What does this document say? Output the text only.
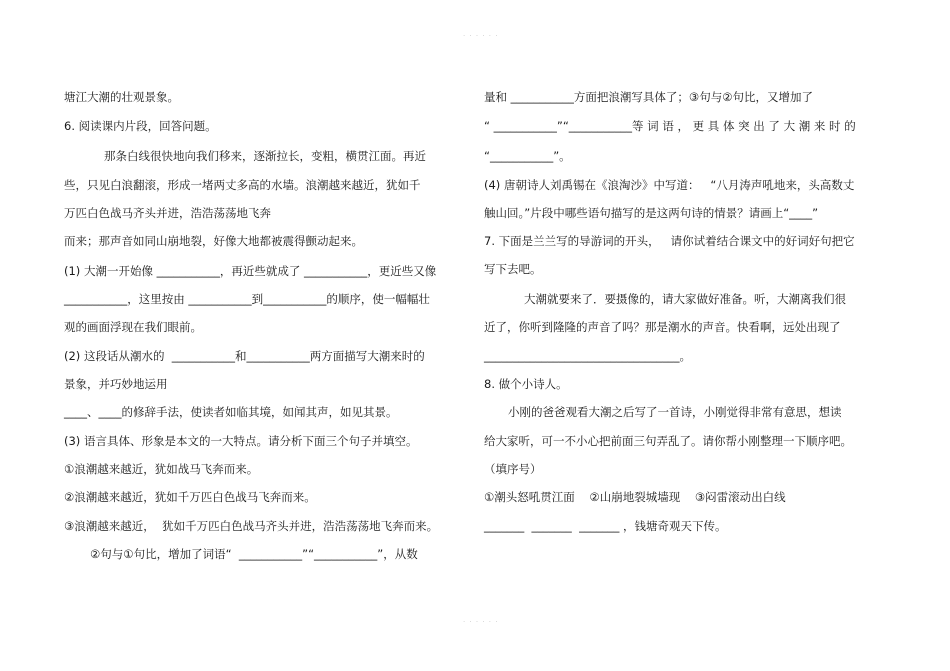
· · · · · ·
· · · · · ·

塘江大潮的壮观景象。

6. 阅读课内片段，回答问题。

那条白线很快地向我们移来，逐渐拉长，变粗，横贯江面。再近

些，只见白浪翻滚，形成一堵两丈多高的水墙。浪潮越来越近，犹如千

万匹白色战马齐头并进，浩浩荡荡地飞奔

而来；那声音如同山崩地裂，好像大地都被震得颤动起来。

(1) 大潮一开始像 ___________，再近些就成了 ___________，更近些又像

___________，这里按由 ___________到___________的顺序，使一幅幅壮

观的画面浮现在我们眼前。

(2) 这段话从潮水的  ___________和___________两方面描写大潮来时的

景象，并巧妙地运用

____、____的修辞手法，使读者如临其境，如闻其声，如见其景。

(3) 语言具体、形象是本文的一大特点。请分析下面三个句子并填空。

①浪潮越来越近，犹如战马飞奔而来。

②浪潮越来越近，犹如千万匹白色战马飞奔而来。

③浪潮越来越近，  犹如千万匹白色战马齐头并进，浩浩荡荡地飞奔而来。

②句与①句比，增加了词语“  ___________”“___________”，从数

量和 ___________方面把浪潮写具体了；③句与②句比，又增加了

“ ___________”“___________等 词 语 ， 更 具 体 突 出 了 大 潮 来 时 的

“___________”。

(4) 唐朝诗人刘禹锡在《浪淘沙》中写道：   “八月涛声吼地来，头高数丈

触山回。”片段中哪些语句描写的是这两句诗的情景？请画上“____”

7. 下面是兰兰写的导游词的开头，   请你试着结合课文中的好词好句把它

写下去吧。

大潮就要来了．要摄像的，请大家做好准备。听，大潮离我们很

近了，你听到隆隆的声音了吗？那是潮水的声音。快看啊，远处出现了

__________________________________。

8. 做个小诗人。

小刚的爸爸观看大潮之后写了一首诗，小刚觉得非常有意思，想读

给大家听，可一不小心把前面三句弄乱了。请你帮小刚整理一下顺序吧。

（填序号）

①潮头怒吼贯江面    ②山崩地裂城墙现    ③闷雷滚动出白线

_______  _______  _______ ，钱塘奇观天下传。
